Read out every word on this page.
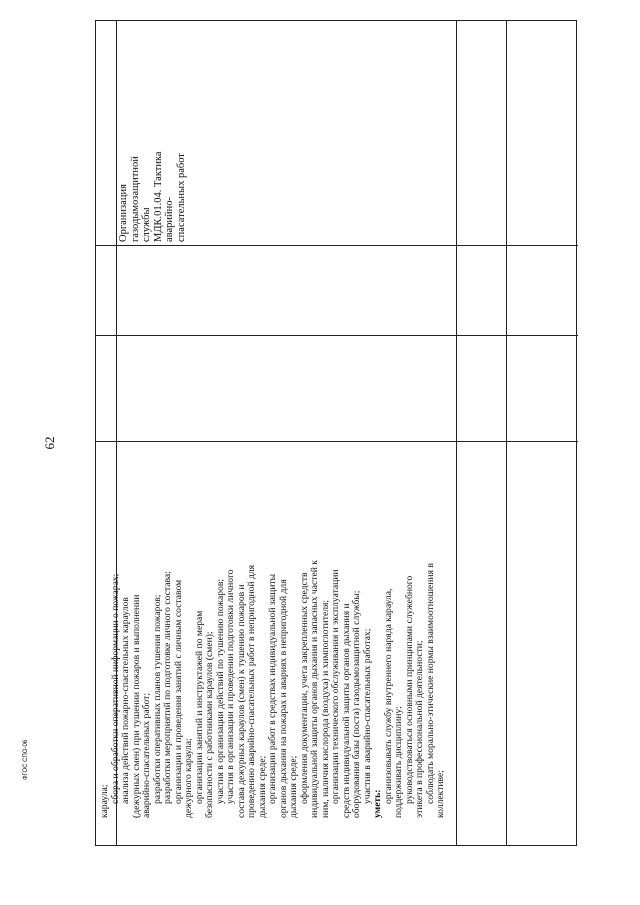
62
ФГОС СПО-06
караула; сбора и обработки оперативной информации о пожарах; анализа действий пожарно-спасательных караулов (дежурных смен) при тушении пожаров и выполнении аварийно-спасательных работ; разработки оперативных планов тушения пожаров; разработки мероприятий по подготовке личного состава; организации и проведения занятий с личным составом дежурного караула; организации занятий и инструктажей по мерам безопасности с работниками караулов (смен); участия в организации действий по тушению пожаров; участия в организации и проведении подготовки личного состава дежурных караулов (смен) к тушению пожаров и проведению аварийно-спасательных работ в непригодной для дыхания среде; организации работ в средствах индивидуальной защиты органов дыхания на пожарах и авариях в непригодной для дыхания среде; оформления документации, учета закрепленных средств индивидуальной защиты органов дыхания и запасных частей к ним, наличия кислорода (воздуха) и химпоглотителя; организации технического обслуживания и эксплуатации средств индивидуальной защиты органов дыхания и оборудования базы (поста) газодымозащитной службы; участия в аварийно-спасательных работах; уметь: организовывать службу внутреннего наряда караула, поддерживать дисциплину; руководствоваться основными принципами служебного этикета в профессиональной деятельности; соблюдать морально-этические нормы взаимоотношения в коллективе;
Организация газодымозащитной службы МДК.01.04. Тактика аварийно- спасательных работ
